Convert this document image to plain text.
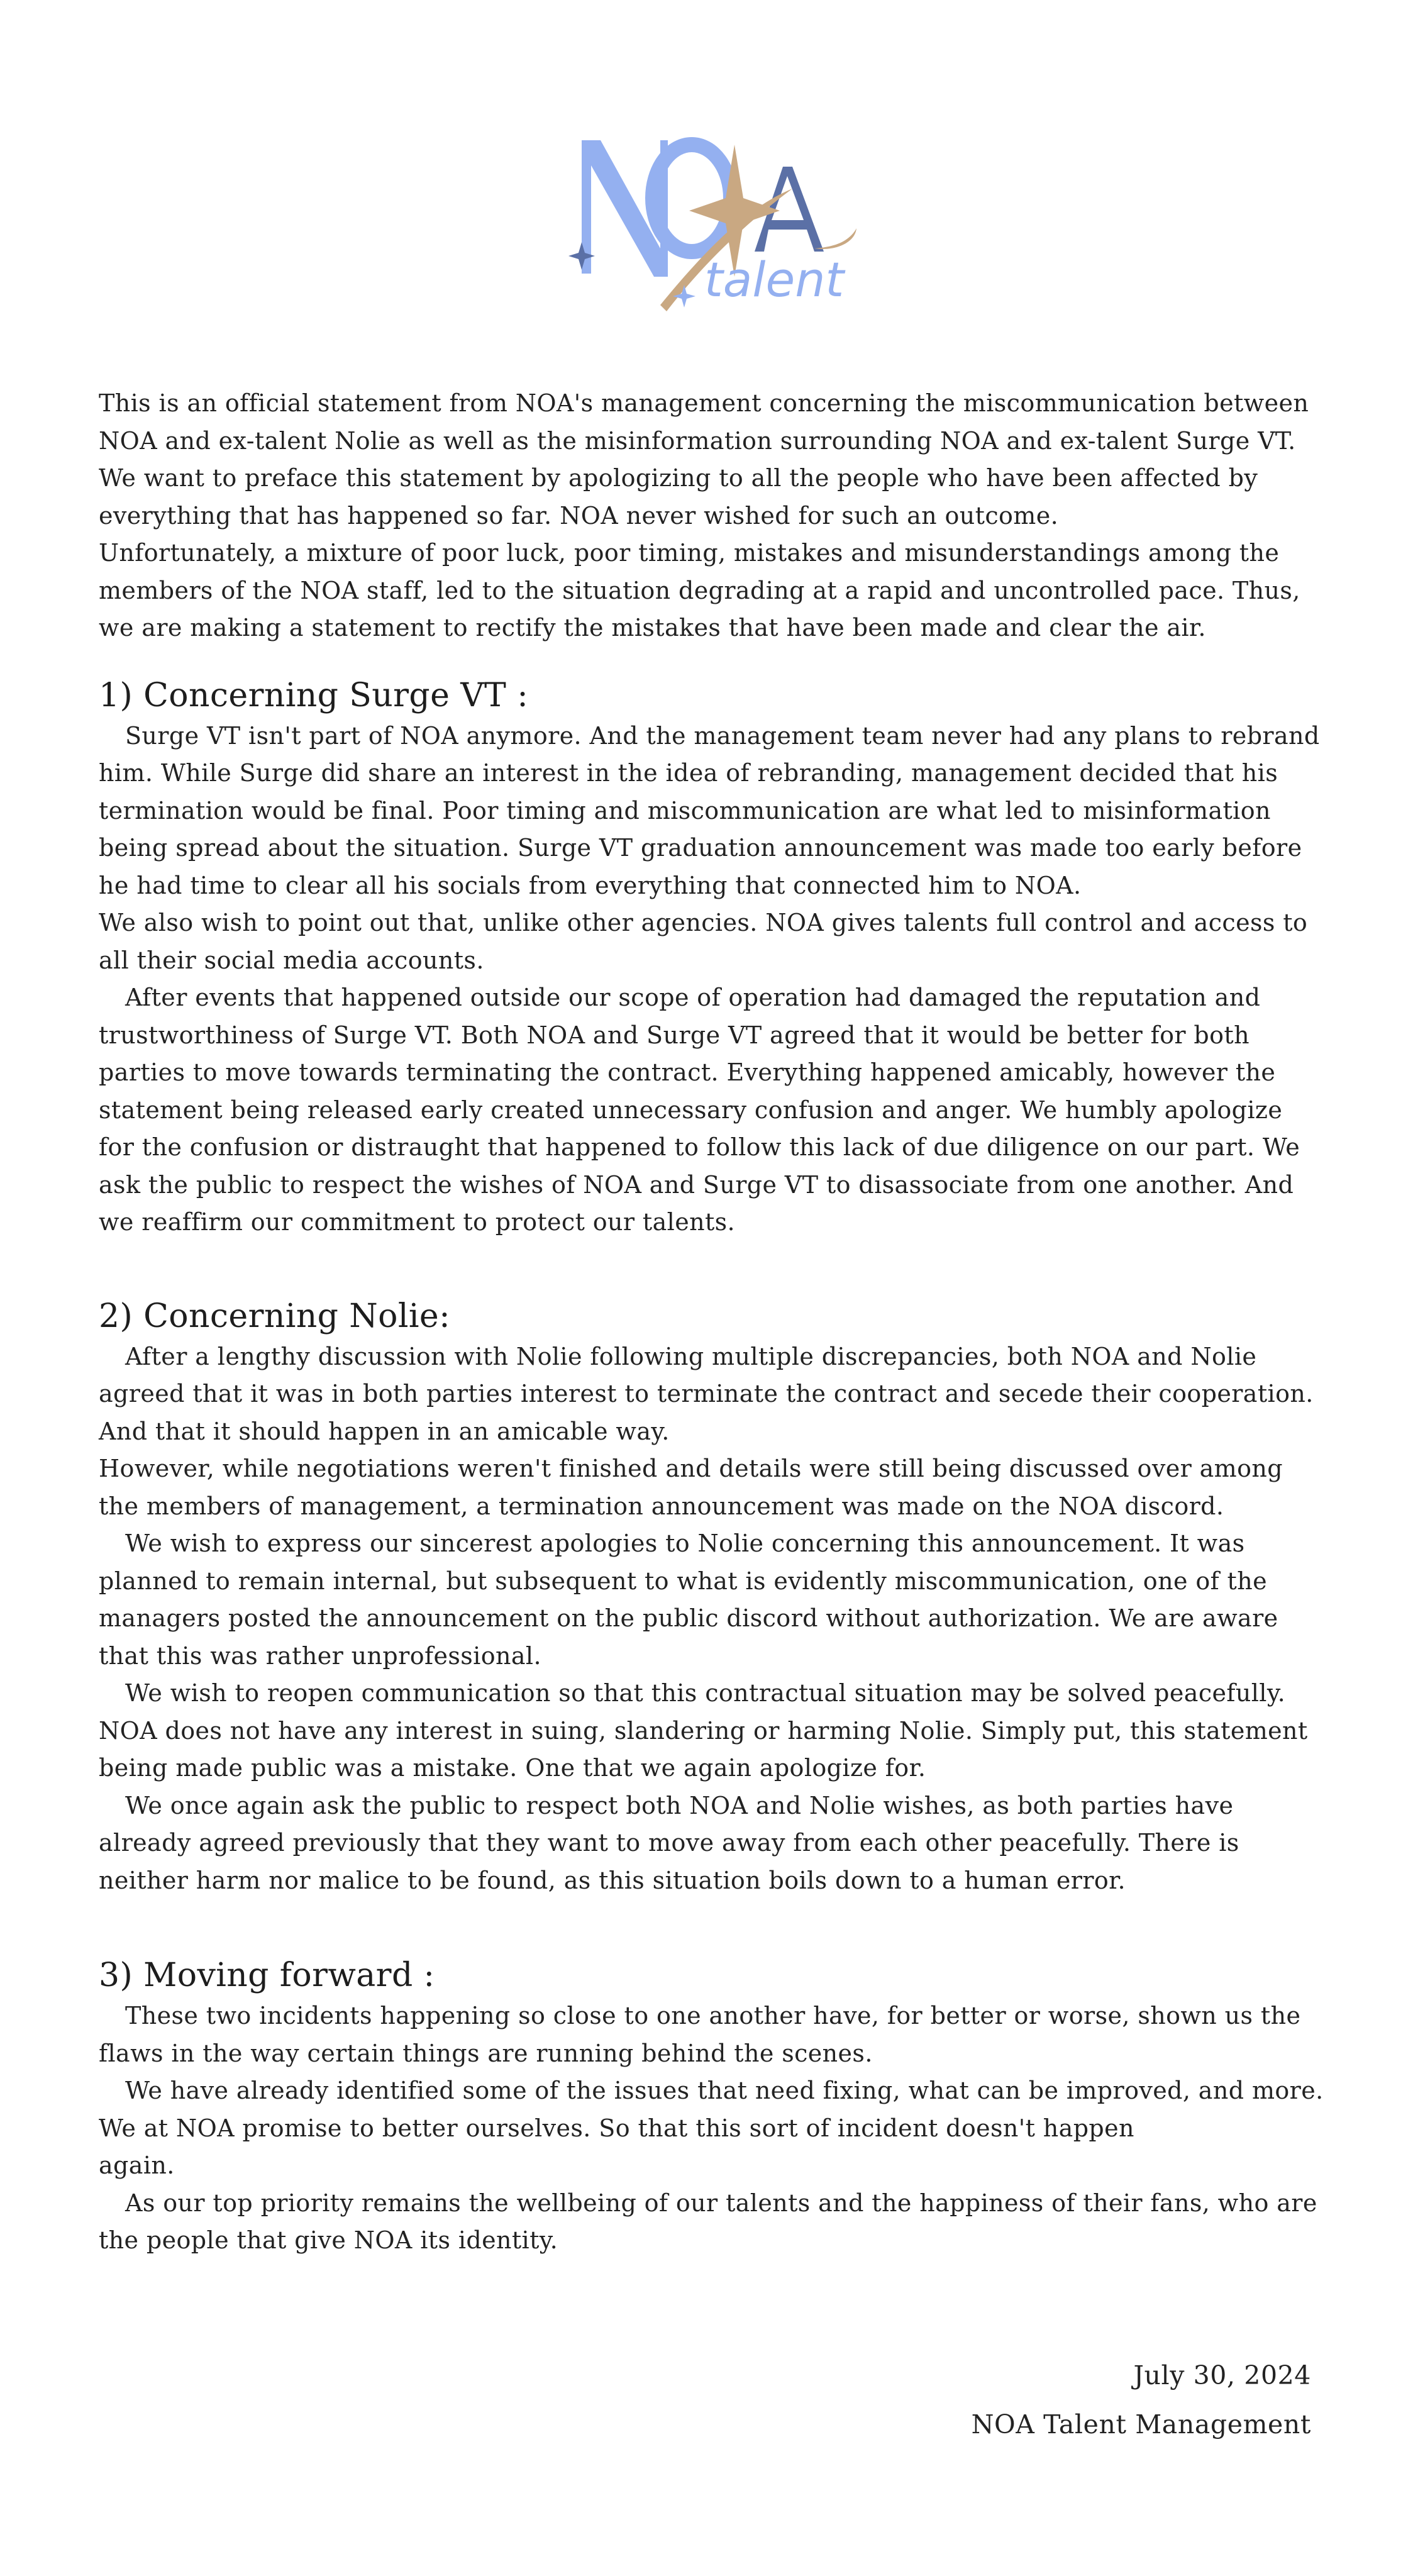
talent

This is an official statement from NOA's management concerning the miscommunication between NOA and ex-talent Nolie as well as the misinformation surrounding NOA and ex-talent Surge VT. We want to preface this statement by apologizing to all the people who have been affected by everything that has happened so far. NOA never wished for such an outcome.

Unfortunately, a mixture of poor luck, poor timing, mistakes and misunderstandings among the members of the NOA staff, led to the situation degrading at a rapid and uncontrolled pace. Thus, we are making a statement to rectify the mistakes that have been made and clear the air.

1) Concerning Surge VT :

Surge VT isn't part of NOA anymore. And the management team never had any plans to rebrand him. While Surge did share an interest in the idea of rebranding, management decided that his termination would be final. Poor timing and miscommunication are what led to misinformation being spread about the situation. Surge VT graduation announcement was made too early before he had time to clear all his socials from everything that connected him to NOA.

We also wish to point out that, unlike other agencies. NOA gives talents full control and access to all their social media accounts.

After events that happened outside our scope of operation had damaged the reputation and trustworthiness of Surge VT. Both NOA and Surge VT agreed that it would be better for both parties to move towards terminating the contract. Everything happened amicably, however the statement being released early created unnecessary confusion and anger. We humbly apologize for the confusion or distraught that happened to follow this lack of due diligence on our part. We ask the public to respect the wishes of NOA and Surge VT to disassociate from one another. And we reaffirm our commitment to protect our talents.

2) Concerning Nolie:

After a lengthy discussion with Nolie following multiple discrepancies, both NOA and Nolie agreed that it was in both parties interest to terminate the contract and secede their cooperation. And that it should happen in an amicable way.

However, while negotiations weren't finished and details were still being discussed over among the members of management, a termination announcement was made on the NOA discord.

We wish to express our sincerest apologies to Nolie concerning this announcement. It was planned to remain internal, but subsequent to what is evidently miscommunication, one of the managers posted the announcement on the public discord without authorization. We are aware that this was rather unprofessional.

We wish to reopen communication so that this contractual situation may be solved peacefully. NOA does not have any interest in suing, slandering or harming Nolie. Simply put, this statement being made public was a mistake. One that we again apologize for.

We once again ask the public to respect both NOA and Nolie wishes, as both parties have already agreed previously that they want to move away from each other peacefully. There is neither harm nor malice to be found, as this situation boils down to a human error.

3) Moving forward :

These two incidents happening so close to one another have, for better or worse, shown us the flaws in the way certain things are running behind the scenes.

We have already identified some of the issues that need fixing, what can be improved, and more. We at NOA promise to better ourselves. So that this sort of incident doesn't happen

again.

As our top priority remains the wellbeing of our talents and the happiness of their fans, who are the people that give NOA its identity.

July 30, 2024
NOA Talent Management
